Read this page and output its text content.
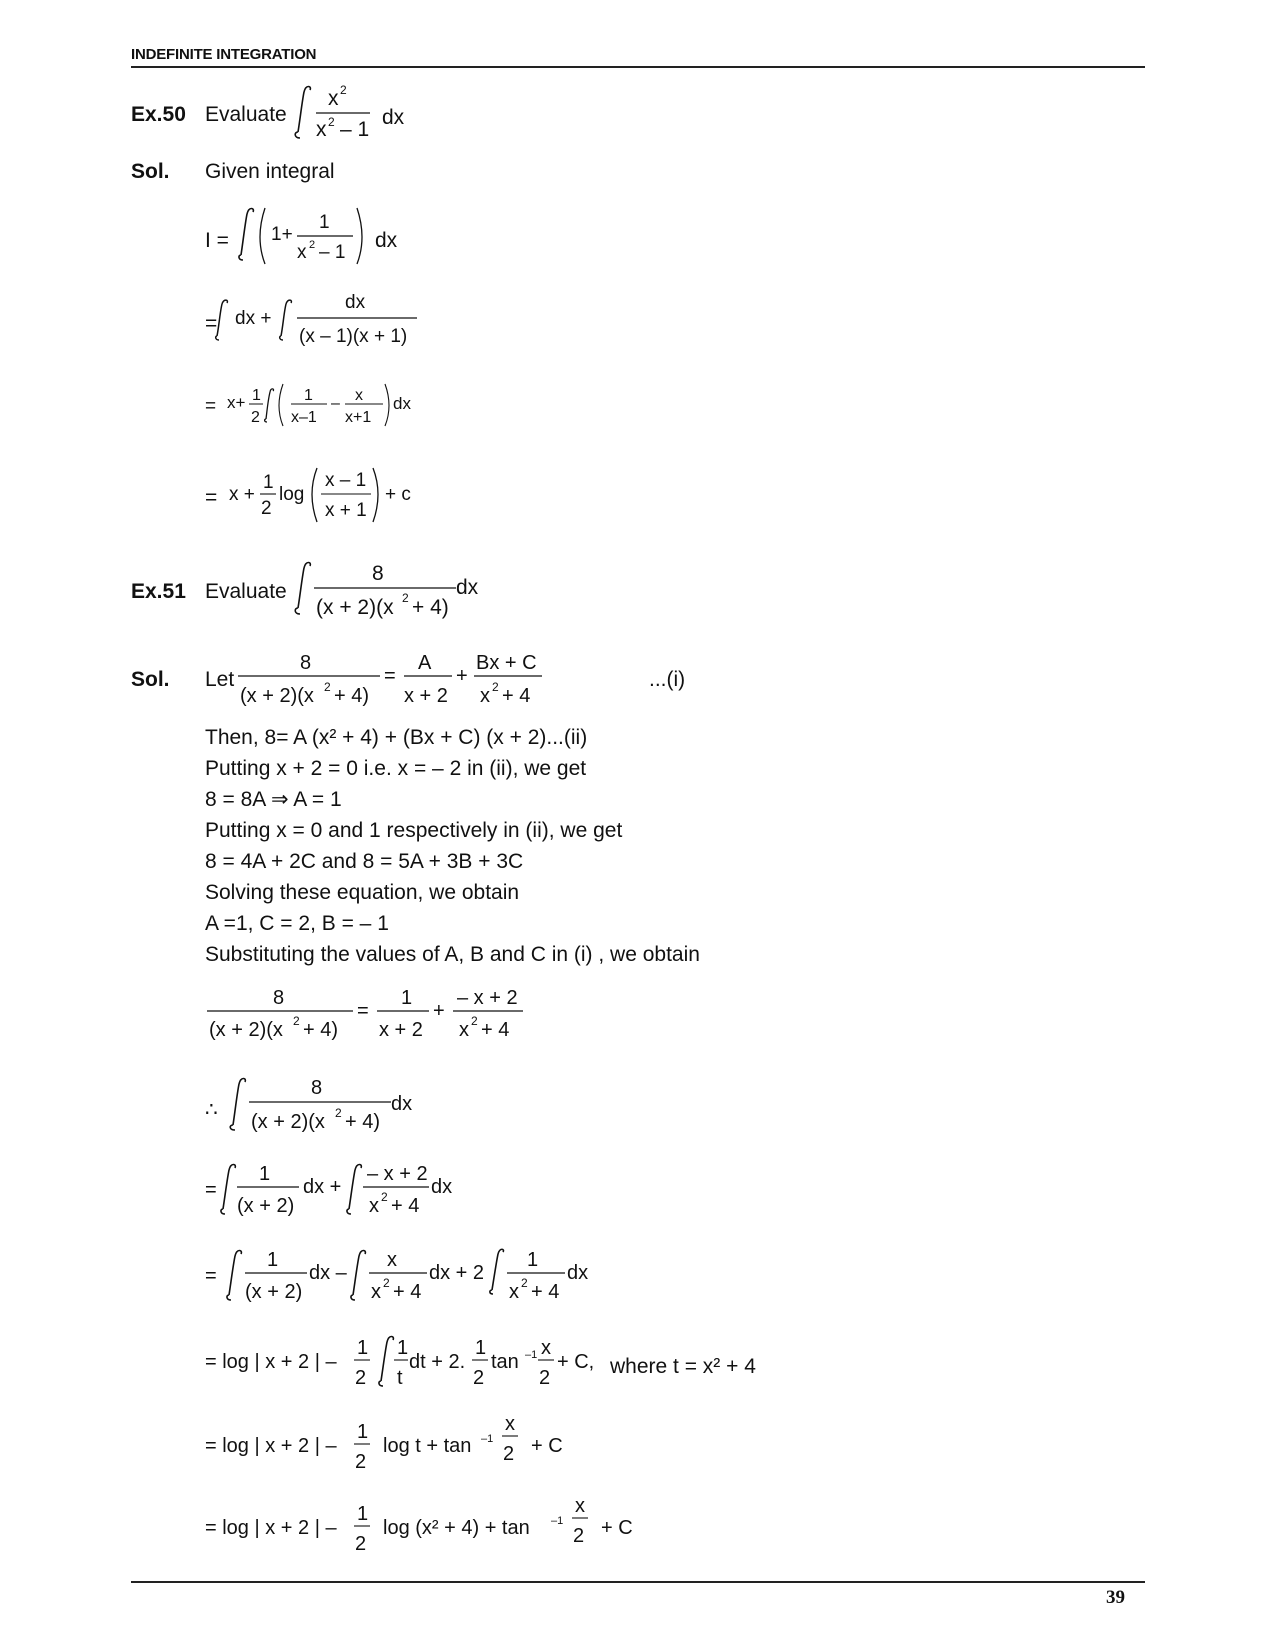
INDEFINITE INTEGRATION
Ex.50 Evaluate
x 2
x 2 – 1
dx
Sol. Given integral
I = 1+
1
x 2 – 1
dx
= dx +
dx
(x – 1)(x + 1)
= x+ 1
2
1
x–1
– x
x+1
dx
= x +
1
2
log
x – 1
x + 1
+ c
Ex.51 Evaluate
8
(x + 2)(x 2 + 4)
dx
Sol. Let
8
(x + 2)(x 2 + 4)
=
A
x + 2
+
Bx + C
x 2 + 4
...(i)
Then, 8= A (x² + 4) + (Bx + C) (x + 2)...(ii)
Putting x + 2 = 0 i.e. x = – 2 in (ii), we get
8 = 8A ⇒ A = 1
Putting x = 0 and 1 respectively in (ii), we get
8 = 4A + 2C and 8 = 5A + 3B + 3C
Solving these equation, we obtain
A =1, C = 2, B = – 1
Substituting the values of A, B and C in (i) , we obtain
8
(x + 2)(x 2 + 4)
=
1
x + 2
+
– x + 2
x 2 + 4
∴
8
(x + 2)(x 2 + 4)
dx
=
1
(x + 2)
dx +
– x + 2
x 2 + 4
dx
=
1
(x + 2)
dx –
x
x 2 + 4
dx + 2
1
x 2 + 4
dx
= log | x + 2 | –
1
2
1
t
dt + 2.
1
2
tan –1 x
2
+ C, where t = x² + 4
= log | x + 2 | –
1
2
log t + tan –1
x
2 + C
= log | x + 2 | –
1
2
log (x² + 4) + tan –1
x
2 + C
39
